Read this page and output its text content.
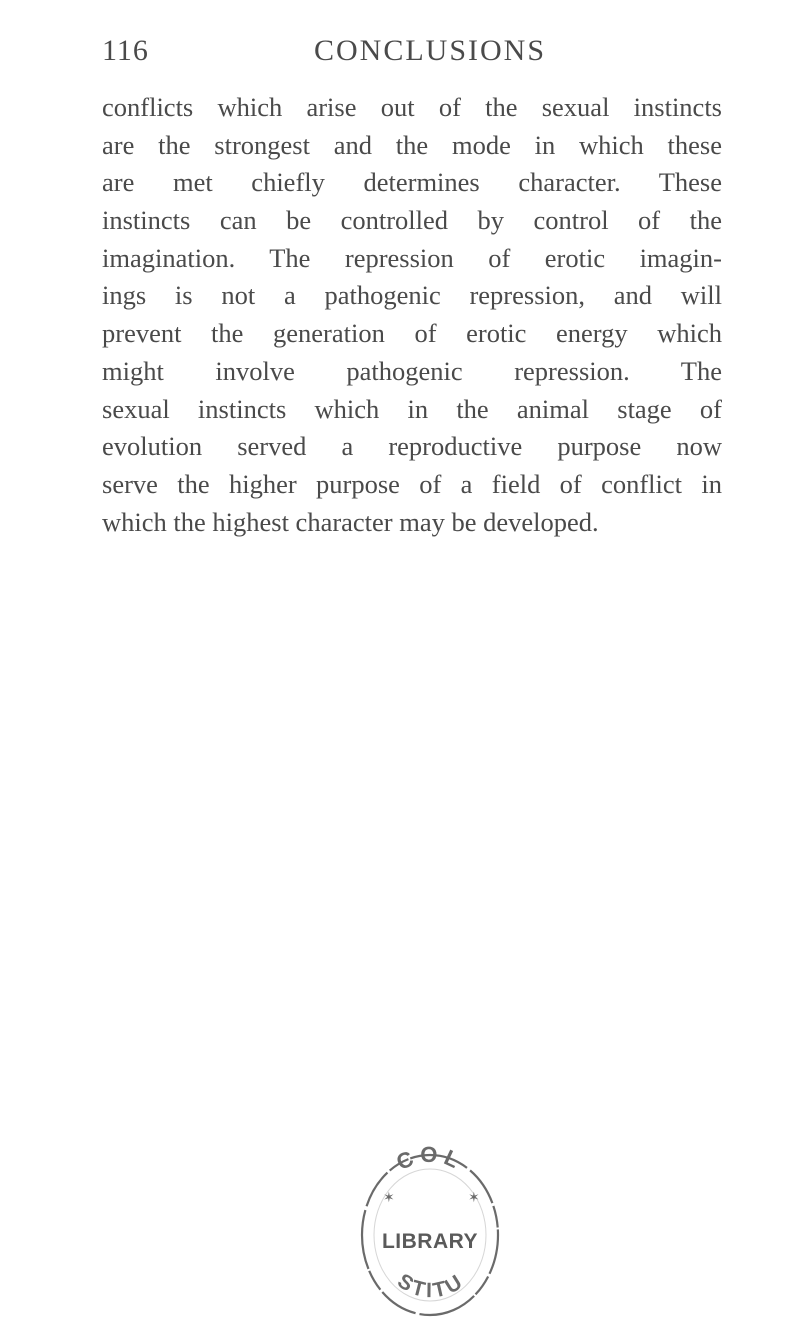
116	CONCLUSIONS
conflicts which arise out of the sexual instincts
are the strongest and the mode in which these
are met chiefly determines character. These
instincts can be controlled by control of the
imagination. The repression of erotic imagin-
ings is not a pathogenic repression, and will
prevent the generation of erotic energy which
might involve pathogenic repression. The
sexual instincts which in the animal stage of
evolution served a reproductive purpose now
serve the higher purpose of a field of conflict in
which the highest character may be developed.
COL
LIBRARY
STITU
✶	✶
